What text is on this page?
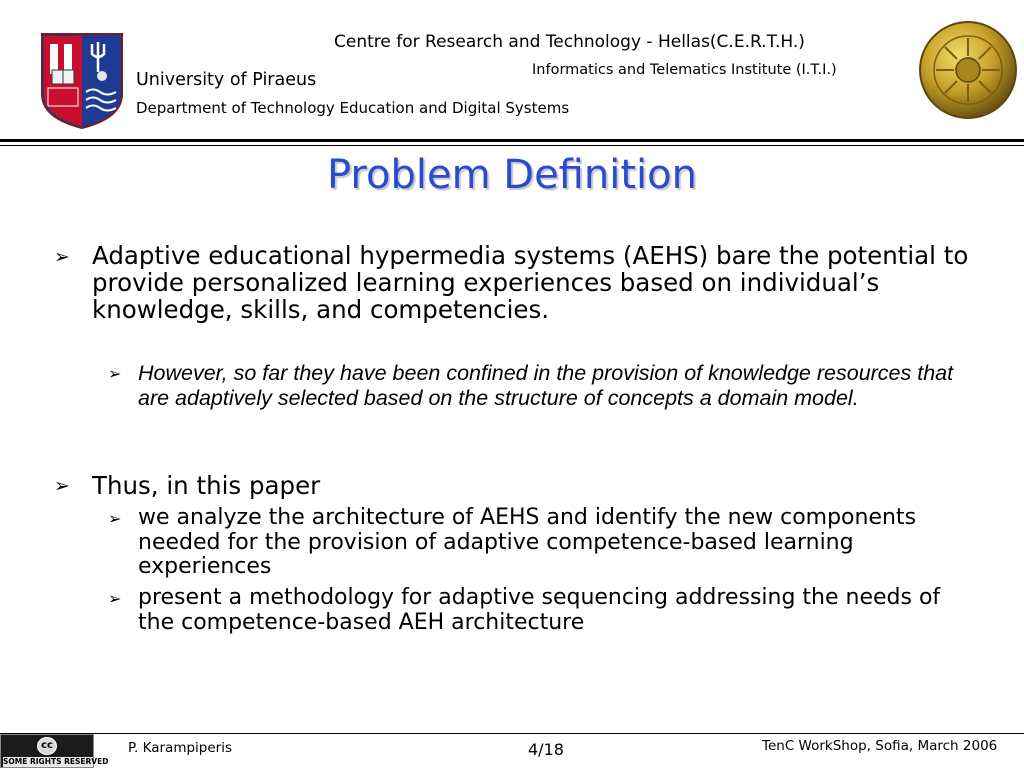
Centre for Research and Technology - Hellas(C.E.R.T.H.)
Informatics and Telematics Institute (I.T.I.)
University of Piraeus
Department of Technology Education and Digital Systems
Problem Definition
➢ Adaptive educational hypermedia systems (AEHS) bare the potential to provide personalized learning experiences based on individual’s knowledge, skills, and competencies.
➢ However, so far they have been confined in the provision of knowledge resources that are adaptively selected based on the structure of concepts a domain model.
➢ Thus, in this paper
➢ we analyze the architecture of AEHS and identify the new components needed for the provision of adaptive competence-based learning experiences
➢ present a methodology for adaptive sequencing addressing the needs of the competence-based AEH architecture
cc
SOME RIGHTS RESERVED
P. Karampiperis	4/18	TenC WorkShop, Sofia, March 2006
